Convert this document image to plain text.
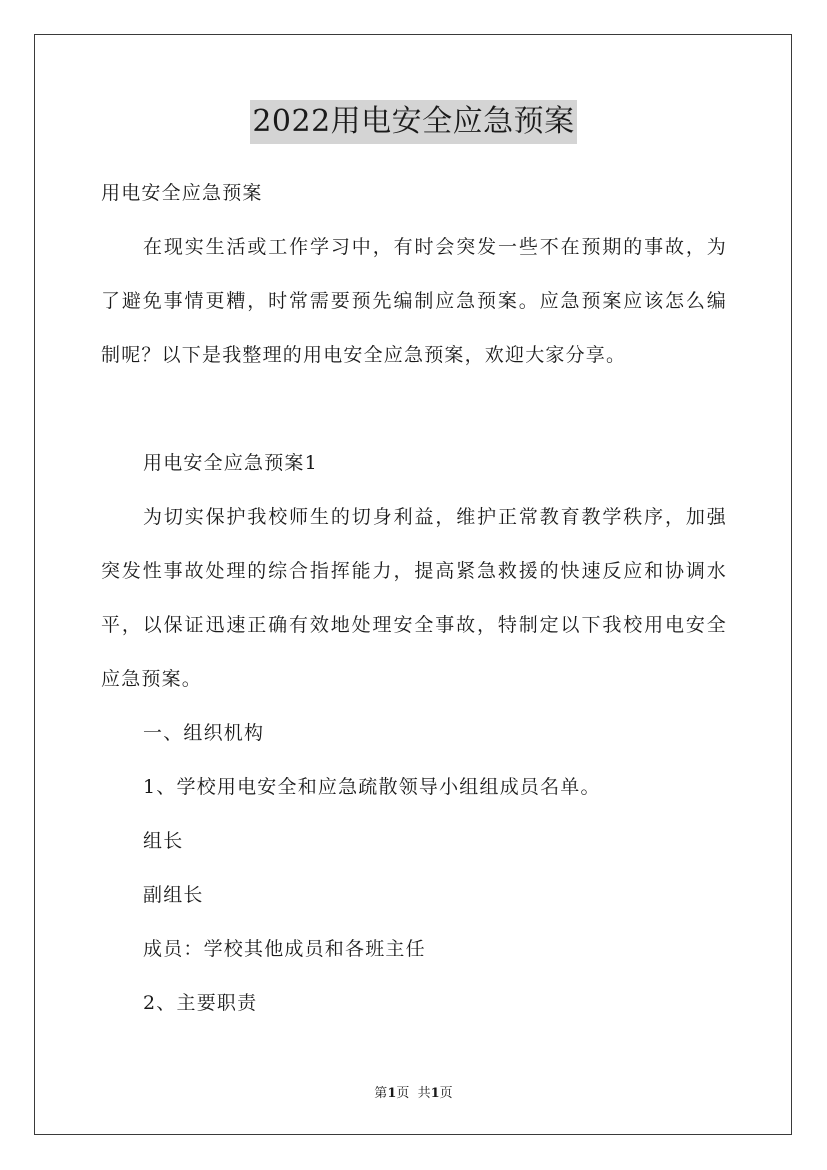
2022用电安全应急预案

用电安全应急预案

在现实生活或工作学习中，有时会突发一些不在预期的事故，为了避免事情更糟，时常需要预先编制应急预案。应急预案应该怎么编制呢？以下是我整理的用电安全应急预案，欢迎大家分享。

用电安全应急预案1

为切实保护我校师生的切身利益，维护正常教育教学秩序，加强突发性事故处理的综合指挥能力，提高紧急救援的快速反应和协调水平，以保证迅速正确有效地处理安全事故，特制定以下我校用电安全应急预案。

一、组织机构

1、学校用电安全和应急疏散领导小组组成员名单。

组长

副组长

成员：学校其他成员和各班主任

2、主要职责

第1页  共1页
